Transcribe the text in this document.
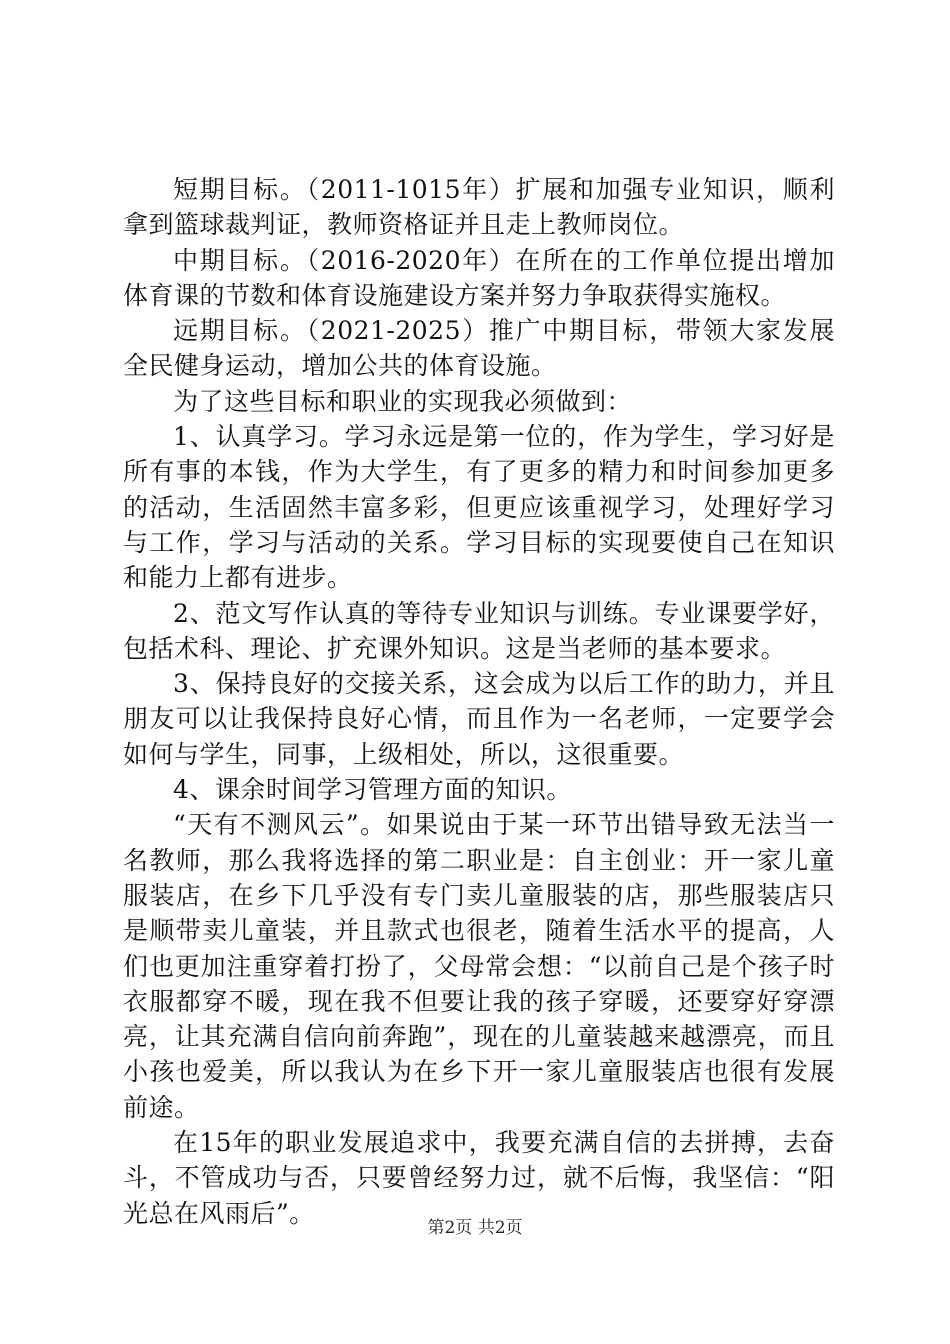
短期目标。（2011-1015年）扩展和加强专业知识，顺利拿到篮球裁判证，教师资格证并且走上教师岗位。

中期目标。（2016-2020年）在所在的工作单位提出增加体育课的节数和体育设施建设方案并努力争取获得实施权。

远期目标。（2021-2025）推广中期目标，带领大家发展全民健身运动，增加公共的体育设施。

为了这些目标和职业的实现我必须做到：

1、认真学习。学习永远是第一位的，作为学生，学习好是所有事的本钱，作为大学生，有了更多的精力和时间参加更多的活动，生活固然丰富多彩，但更应该重视学习，处理好学习与工作，学习与活动的关系。学习目标的实现要使自己在知识和能力上都有进步。

2、范文写作认真的等待专业知识与训练。专业课要学好，包括术科、理论、扩充课外知识。这是当老师的基本要求。

3、保持良好的交接关系，这会成为以后工作的助力，并且朋友可以让我保持良好心情，而且作为一名老师，一定要学会如何与学生，同事，上级相处，所以，这很重要。

4、课余时间学习管理方面的知识。

“天有不测风云”。如果说由于某一环节出错导致无法当一名教师，那么我将选择的第二职业是：自主创业：开一家儿童服装店，在乡下几乎没有专门卖儿童服装的店，那些服装店只是顺带卖儿童装，并且款式也很老，随着生活水平的提高，人们也更加注重穿着打扮了，父母常会想：“以前自己是个孩子时衣服都穿不暖，现在我不但要让我的孩子穿暖，还要穿好穿漂亮，让其充满自信向前奔跑”，现在的儿童装越来越漂亮，而且小孩也爱美，所以我认为在乡下开一家儿童服装店也很有发展前途。

在15年的职业发展追求中，我要充满自信的去拼搏，去奋斗，不管成功与否，只要曾经努力过，就不后悔，我坚信：“阳光总在风雨后”。

第2页 共2页
